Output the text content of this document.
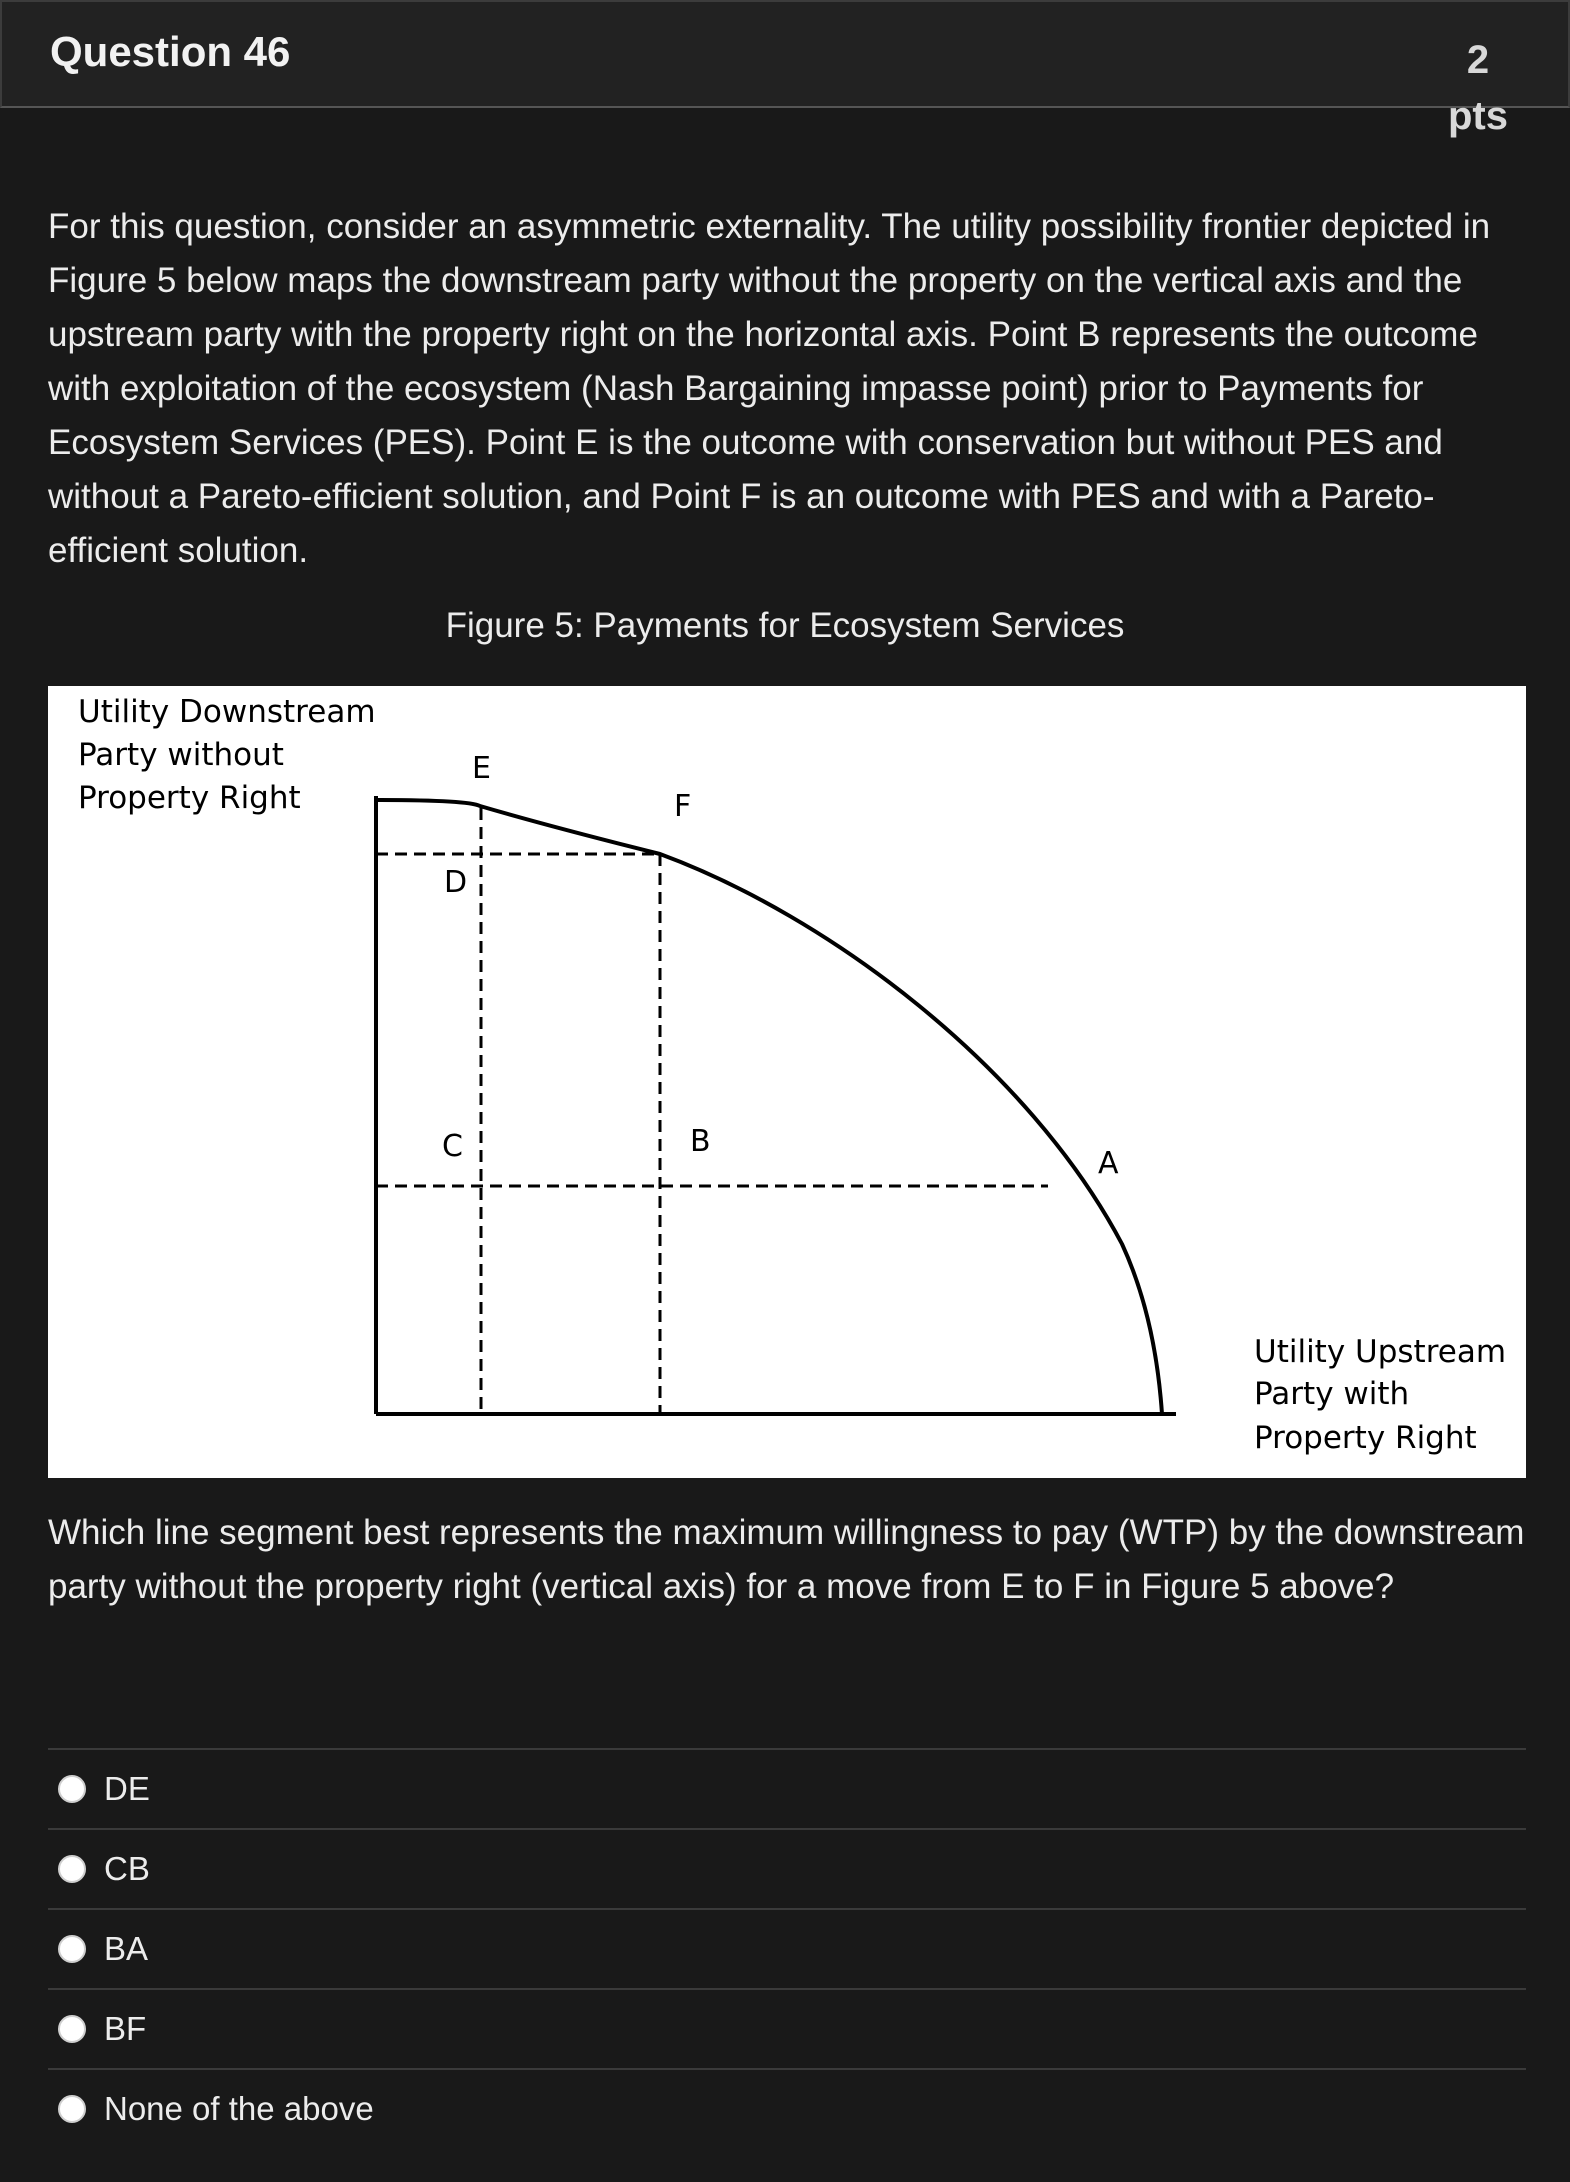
Question 46	2
pts
For this question, consider an asymmetric externality. The utility possibility frontier depicted in Figure 5 below maps the downstream party without the property on the vertical axis and the upstream party with the property right on the horizontal axis. Point B represents the outcome with exploitation of the ecosystem (Nash Bargaining impasse point) prior to Payments for Ecosystem Services (PES). Point E is the outcome with conservation but without PES and without a Pareto-efficient solution, and Point F is an outcome with PES and with a Pareto-efficient solution.
Figure 5: Payments for Ecosystem Services
Utility Downstream
Party without
Property Right
Utility Upstream
Party with
Property Right
E
F
D
C	B
A
Which line segment best represents the maximum willingness to pay (WTP) by the downstream party without the property right (vertical axis) for a move from E to F in Figure 5 above?
DE
CB
BA
BF
None of the above
